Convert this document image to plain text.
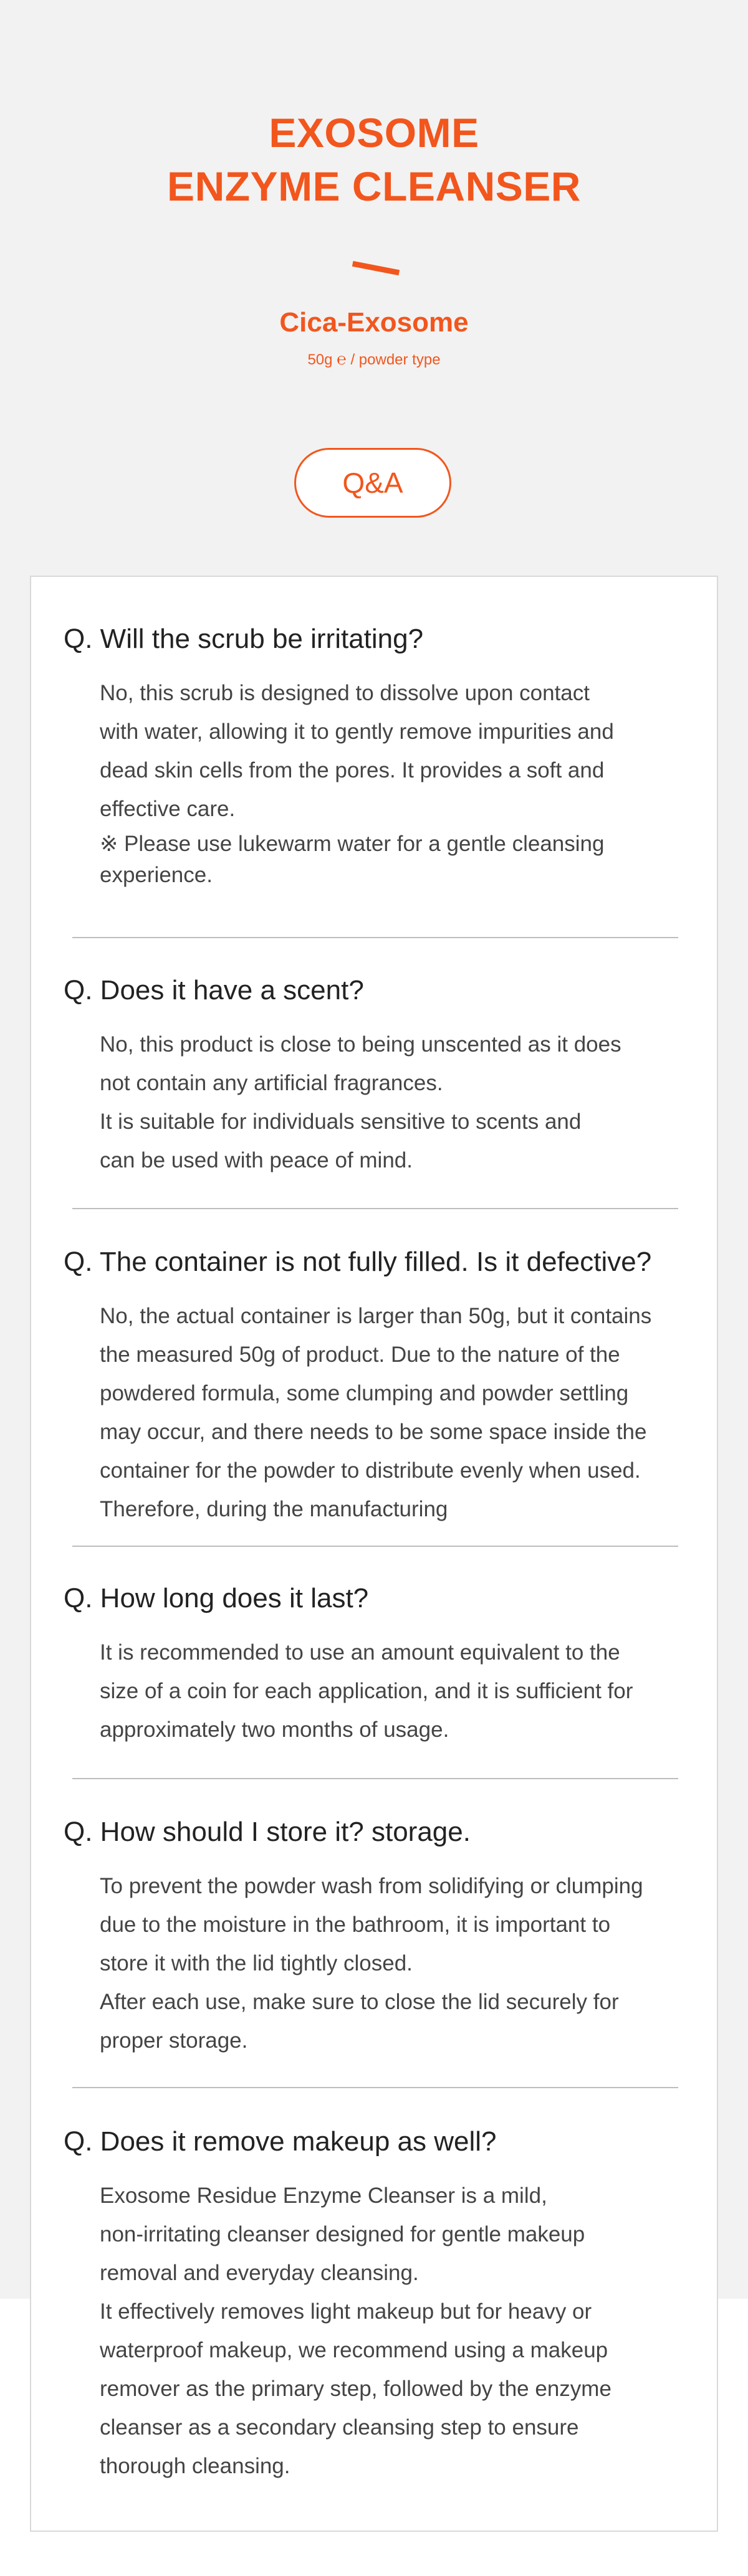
EXOSOME
ENZYME CLEANSER
Cica-Exosome
50g ℮ / powder type
Q&A
Q. Will the scrub be irritating?

No, this scrub is designed to dissolve upon contact

with water, allowing it to gently remove impurities and

dead skin cells from the pores. It provides a soft and

effective care.

※ Please use lukewarm water for a gentle cleansing

experience.

Q. Does it have a scent?

No, this product is close to being unscented as it does

not contain any artificial fragrances.

It is suitable for individuals sensitive to scents and

can be used with peace of mind.

Q. The container is not fully filled. Is it defective?

No, the actual container is larger than 50g, but it contains

the measured 50g of product. Due to the nature of the

powdered formula, some clumping and powder settling

may occur, and there needs to be some space inside the

container for the powder to distribute evenly when used.

Therefore, during the manufacturing

Q. How long does it last?

It is recommended to use an amount equivalent to the

size of a coin for each application, and it is sufficient for

approximately two months of usage.

Q. How should I store it? storage.

To prevent the powder wash from solidifying or clumping

due to the moisture in the bathroom, it is important to

store it with the lid tightly closed.

After each use, make sure to close the lid securely for

proper storage.

Q. Does it remove makeup as well?

Exosome Residue Enzyme Cleanser is a mild,

non-irritating cleanser designed for gentle makeup

removal and everyday cleansing.

It effectively removes light makeup but for heavy or

waterproof makeup, we recommend using a makeup

remover as the primary step, followed by the enzyme

cleanser as a secondary cleansing step to ensure

thorough cleansing.
